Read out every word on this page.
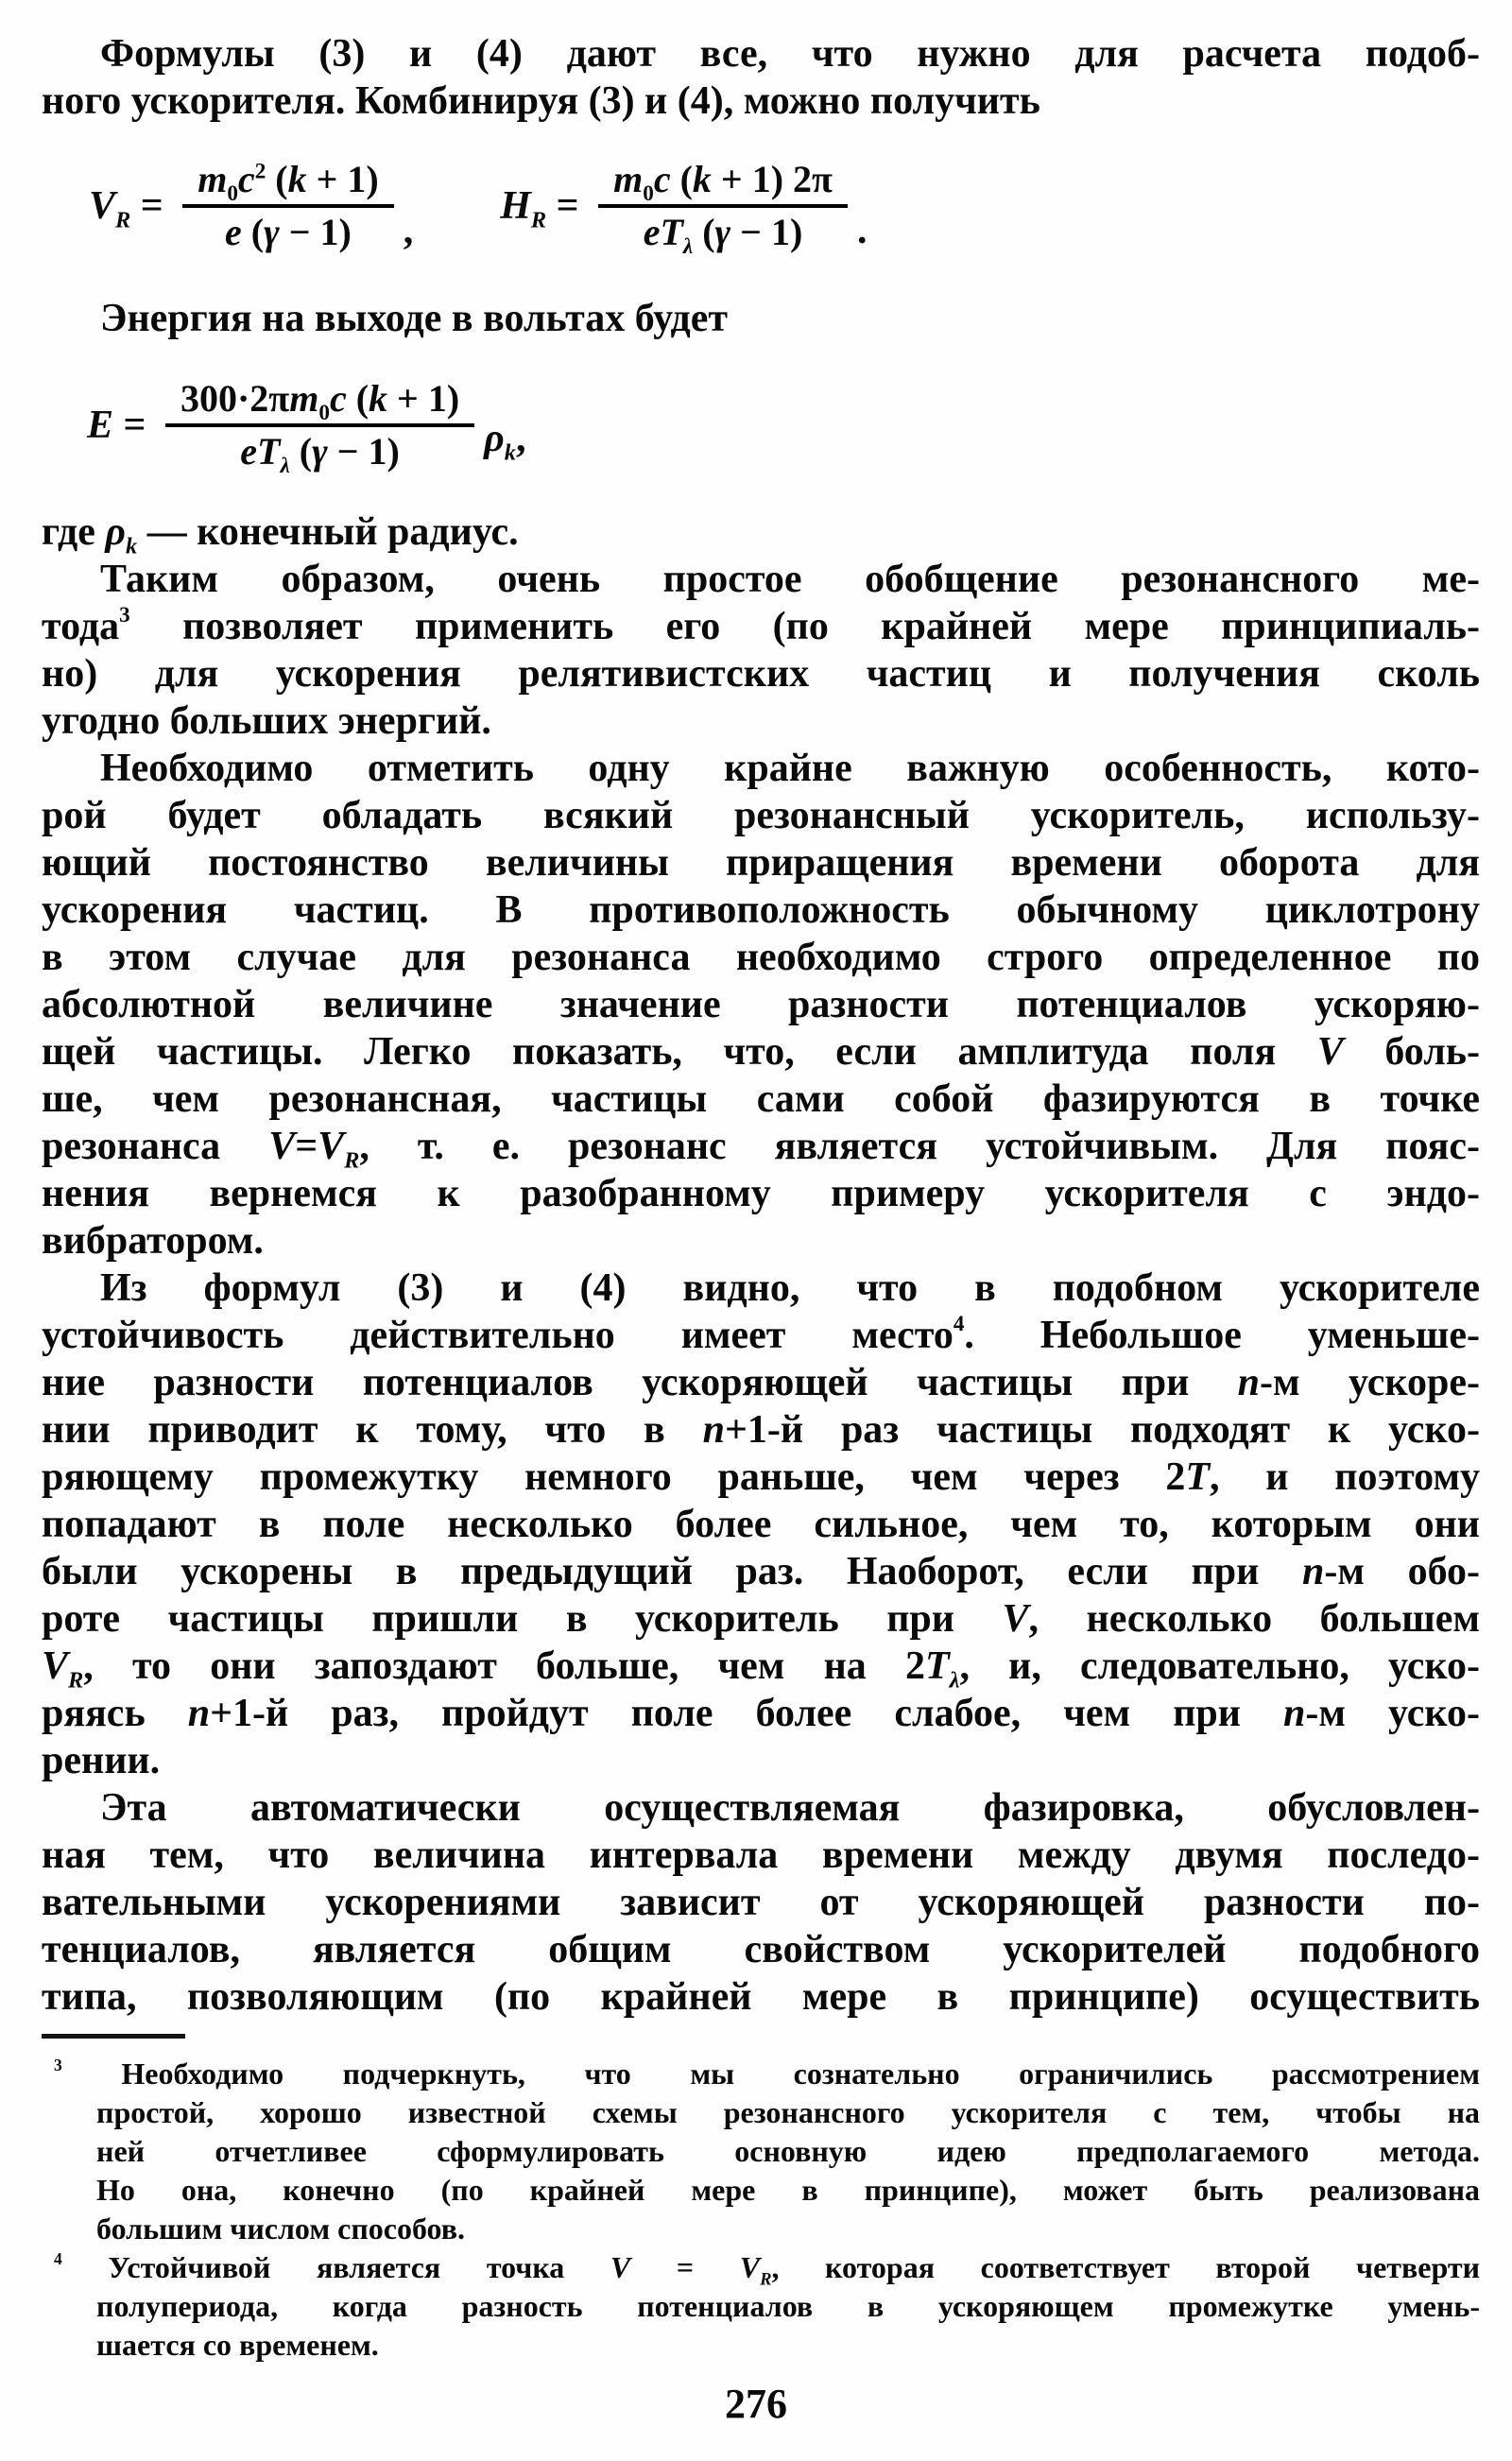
Формулы (3) и (4) дают все, что нужно для расчета подоб-
ного ускорителя. Комбинируя (3) и (4), можно получить
$V_R = \frac{m_0c^2 (k + 1)}{e (\gamma - 1)}$ ,
$H_R = \frac{m_0c (k + 1) 2\pi}{eT_\lambda (\gamma - 1)}$ .
Энергия на выходе в вольтах будет
$E = \frac{300\cdot 2\pi m_0c (k + 1)}{eT_\lambda (\gamma - 1)} \rho_k$,
где $\rho_k$ — конечный радиус.
Таким образом, очень простое обобщение резонансного ме-
тода$^3$ позволяет применить его (по крайней мере принципиаль-
но) для ускорения релятивистских частиц и получения сколь
угодно больших энергий.
Необходимо отметить одну крайне важную особенность, кото-
рой будет обладать всякий резонансный ускоритель, использу-
ющий постоянство величины приращения времени оборота для
ускорения частиц. В противоположность обычному циклотрону
в этом случае для резонанса необходимо строго определенное по
абсолютной величине значение разности потенциалов ускоряю-
щей частицы. Легко показать, что, если амплитуда поля V боль-
ше, чем резонансная, частицы сами собой фазируются в точке
резонанса $V=V_R$, т. е. резонанс является устойчивым. Для пояс-
нения вернемся к разобранному примеру ускорителя с эндо-
вибратором.
Из формул (3) и (4) видно, что в подобном ускорителе
устойчивость действительно имеет место$^4$. Небольшое уменьше-
ние разности потенциалов ускоряющей частицы при n-м ускоре-
нии приводит к тому, что в n+1-й раз частицы подходят к уско-
ряющему промежутку немного раньше, чем через 2T, и поэтому
попадают в поле несколько более сильное, чем то, которым они
были ускорены в предыдущий раз. Наоборот, если при n-м обо-
роте частицы пришли в ускоритель при V, несколько большем
$V_R$, то они запоздают больше, чем на $2T_\lambda$, и, следовательно, уско-
ряясь n+1-й раз, пройдут поле более слабое, чем при n-м уско-
рении.
Эта автоматически осуществляемая фазировка, обусловлен-
ная тем, что величина интервала времени между двумя последо-
вательными ускорениями зависит от ускоряющей разности по-
тенциалов, является общим свойством ускорителей подобного
типа, позволяющим (по крайней мере в принципе) осуществить
$^3$ Необходимо подчеркнуть, что мы сознательно ограничились рассмотрением
простой, хорошо известной схемы резонансного ускорителя с тем, чтобы на
ней отчетливее сформулировать основную идею предполагаемого метода.
Но она, конечно (по крайней мере в принципе), может быть реализована
большим числом способов.
$^4$ Устойчивой является точка $V = V_R$, которая соответствует второй четверти
полупериода, когда разность потенциалов в ускоряющем промежутке умень-
шается со временем.
276
